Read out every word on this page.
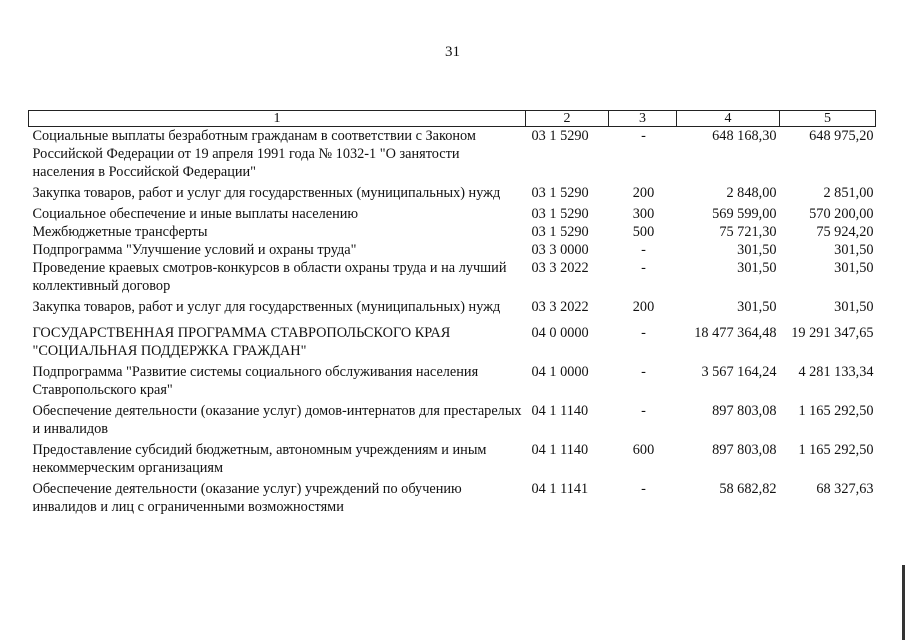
31
1	2	3	4	5
Социальные выплаты безработным гражданам в соответствии с Законом Российской Федерации от 19 апреля 1991 года № 1032-1 "О занятости населения в Российской Федерации"	03 1 5290	-	648 168,30	648 975,20
Закупка товаров, работ и услуг для государственных (муниципальных) нужд	03 1 5290	200	2 848,00	2 851,00
Социальное обеспечение и иные выплаты населению	03 1 5290	300	569 599,00	570 200,00
Межбюджетные трансферты	03 1 5290	500	75 721,30	75 924,20
Подпрограмма "Улучшение условий и охраны труда"	03 3 0000	-	301,50	301,50
Проведение краевых смотров-конкурсов в области охраны труда и на лучший коллективный договор	03 3 2022	-	301,50	301,50
Закупка товаров, работ и услуг для государственных (муниципальных) нужд	03 3 2022	200	301,50	301,50
ГОСУДАРСТВЕННАЯ ПРОГРАММА СТАВРОПОЛЬСКОГО КРАЯ "СОЦИАЛЬНАЯ ПОДДЕРЖКА ГРАЖДАН"	04 0 0000	-	18 477 364,48	19 291 347,65
Подпрограмма "Развитие системы социального обслуживания населения Ставропольского края"	04 1 0000	-	3 567 164,24	4 281 133,34
Обеспечение деятельности (оказание услуг) домов-интернатов для престарелых и инвалидов	04 1 1140	-	897 803,08	1 165 292,50
Предоставление субсидий бюджетным, автономным учреждениям и иным некоммерческим организациям	04 1 1140	600	897 803,08	1 165 292,50
Обеспечение деятельности (оказание услуг) учреждений по обучению инвалидов и лиц с ограниченными возможностями	04 1 1141	-	58 682,82	68 327,63
